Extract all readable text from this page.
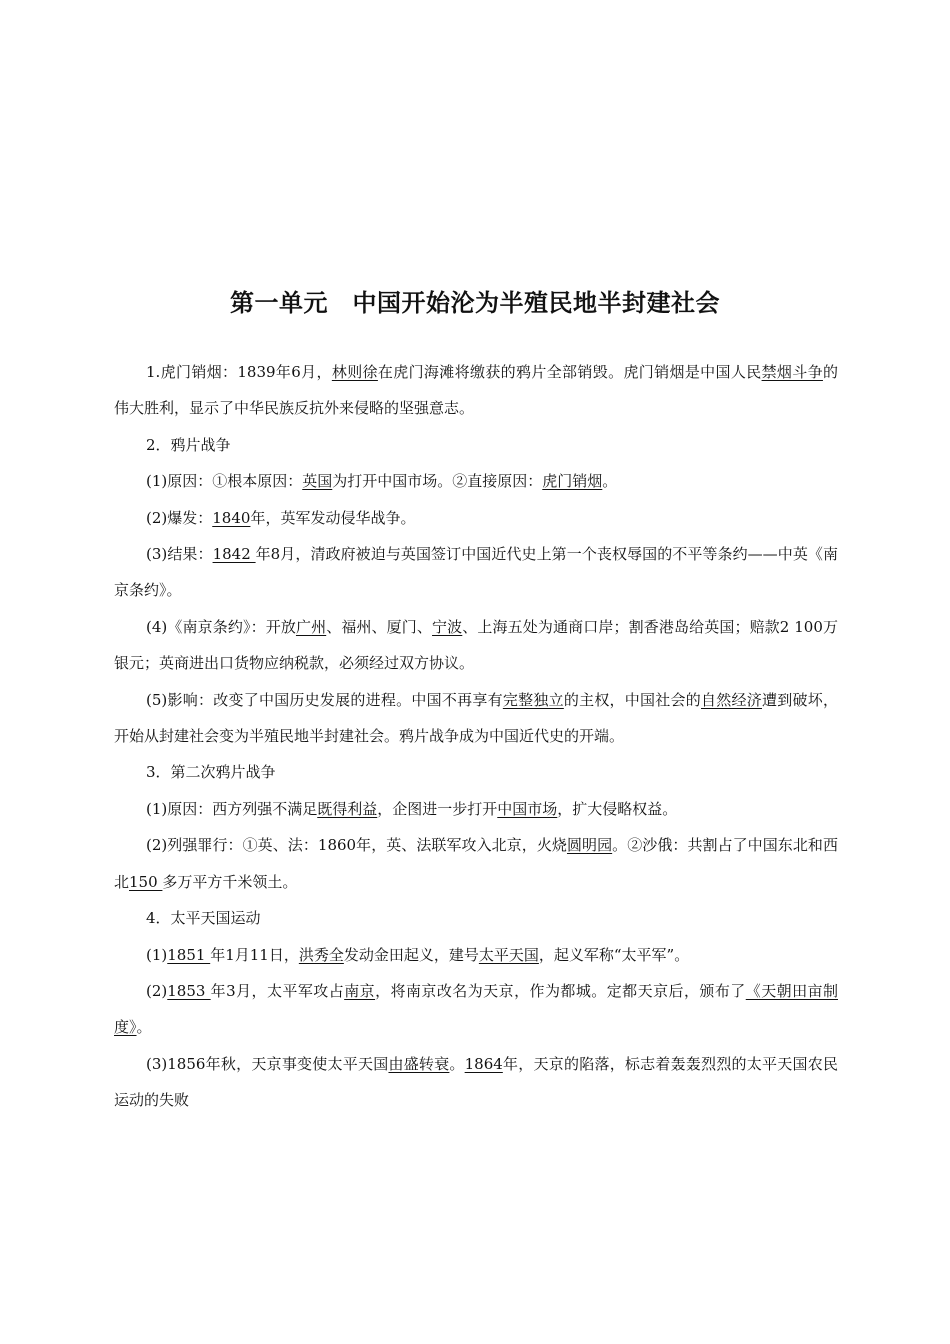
第一单元　中国开始沦为半殖民地半封建社会

1.虎门销烟：1839年6月，林则徐在虎门海滩将缴获的鸦片全部销毁。虎门销烟是中国人民禁烟斗争的伟大胜利，显示了中华民族反抗外来侵略的坚强意志。

2．鸦片战争

(1)原因：①根本原因：英国为打开中国市场。②直接原因：虎门销烟。

(2)爆发：1840年，英军发动侵华战争。

(3)结果：1842 年8月，清政府被迫与英国签订中国近代史上第一个丧权辱国的不平等条约——中英《南京条约》。

(4)《南京条约》：开放广州、福州、厦门、宁波、上海五处为通商口岸；割香港岛给英国；赔款2 100万银元；英商进出口货物应纳税款，必须经过双方协议。

(5)影响：改变了中国历史发展的进程。中国不再享有完整独立的主权，中国社会的自然经济遭到破坏，开始从封建社会变为半殖民地半封建社会。鸦片战争成为中国近代史的开端。

3．第二次鸦片战争

(1)原因：西方列强不满足既得利益，企图进一步打开中国市场，扩大侵略权益。

(2)列强罪行：①英、法：1860年，英、法联军攻入北京，火烧圆明园。②沙俄：共割占了中国东北和西北150 多万平方千米领土。

4．太平天国运动

(1)1851 年1月11日，洪秀全发动金田起义，建号太平天国，起义军称“太平军”。

(2)1853 年3月，太平军攻占南京，将南京改名为天京，作为都城。定都天京后，颁布了《天朝田亩制度》。

(3)1856年秋，天京事变使太平天国由盛转衰。1864年，天京的陷落，标志着轰轰烈烈的太平天国农民运动的失败
